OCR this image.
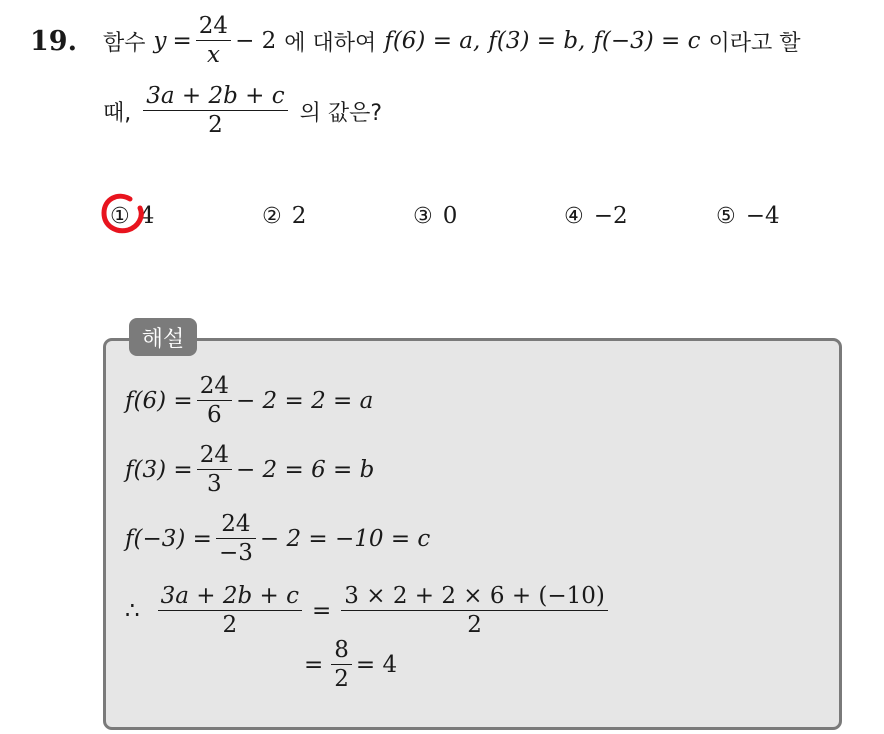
19. 함수 $y = \frac{24}{x} - 2$ 에 대하여 f(6) = a, f(3) = b, f(−3) = c 이라고 할
때, $\frac{3a + 2b + c}{2}$ 의 값은?
① 4	② 2	③ 0	④ −2	⑤ −4
해설
$f(6) = \frac{24}{6} - 2 = 2 = a$
$f(3) = \frac{24}{3} - 2 = 6 = b$
$f(-3) = \frac{24}{-3} - 2 = -10 = c$
∴ $\frac{3a + 2b + c}{2} = \frac{3 \times 2 + 2 \times 6 + (-10)}{2}$
= $\frac{8}{2} = 4$
